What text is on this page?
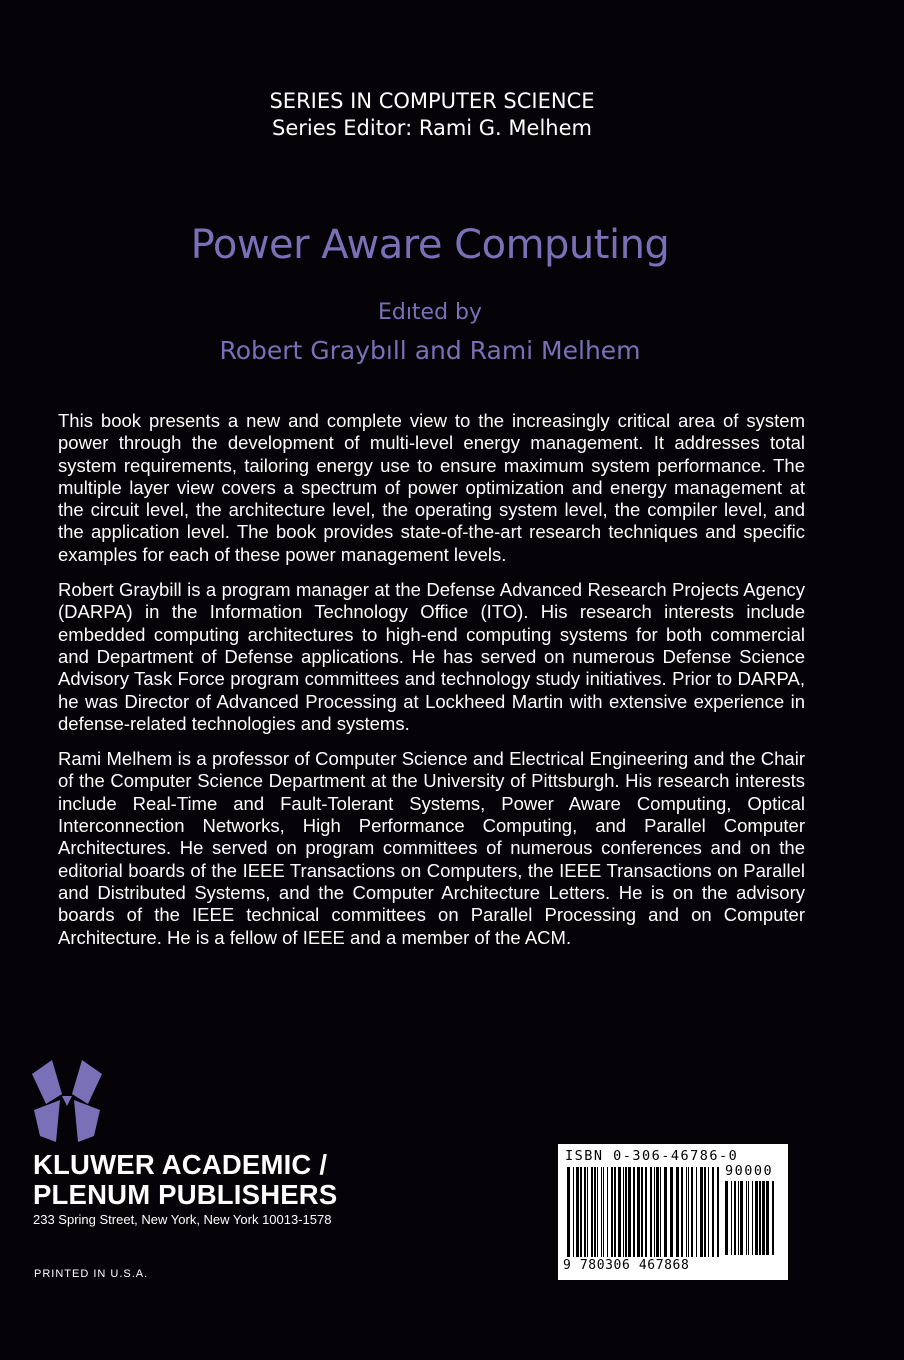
SERIES IN COMPUTER SCIENCE
Series Editor: Rami G. Melhem
Power Aware Computing
Edıted by
Robert Graybıll and Rami Melhem

This book presents a new and complete view to the increasingly critical area of system power through the development of multi-level energy management. It addresses total system requirements, tailoring energy use to ensure maximum system performance. The multiple layer view covers a spectrum of power optimization and energy management at the circuit level, the architecture level, the operating system level, the compiler level, and the application level. The book provides state-of-the-art research techniques and specific examples for each of these power management levels.

Robert Graybill is a program manager at the Defense Advanced Research Projects Agency (DARPA) in the Information Technology Office (ITO). His research interests include embedded computing architectures to high-end computing systems for both commercial and Department of Defense applications. He has served on numerous Defense Science Advisory Task Force program committees and technology study initiatives. Prior to DARPA, he was Director of Advanced Processing at Lockheed Martin with extensive experience in defense-related technologies and systems.

Rami Melhem is a professor of Computer Science and Electrical Engineering and the Chair of the Computer Science Department at the University of Pittsburgh. His research interests include Real-Time and Fault-Tolerant Systems, Power Aware Computing, Optical Interconnection Networks, High Performance Computing, and Parallel Computer Architectures. He served on program committees of numerous conferences and on the editorial boards of the IEEE Transactions on Computers, the IEEE Transactions on Parallel and Distributed Systems, and the Computer Architecture Letters. He is on the advisory boards of the IEEE technical committees on Parallel Processing and on Computer Architecture. He is a fellow of IEEE and a member of the ACM.

KLUWER ACADEMIC /
PLENUM PUBLISHERS
233 Spring Street, New York, New York 10013-1578
PRINTED IN U.S.A.
ISBN 0-306-46786-0
90000
9 780306 467868
